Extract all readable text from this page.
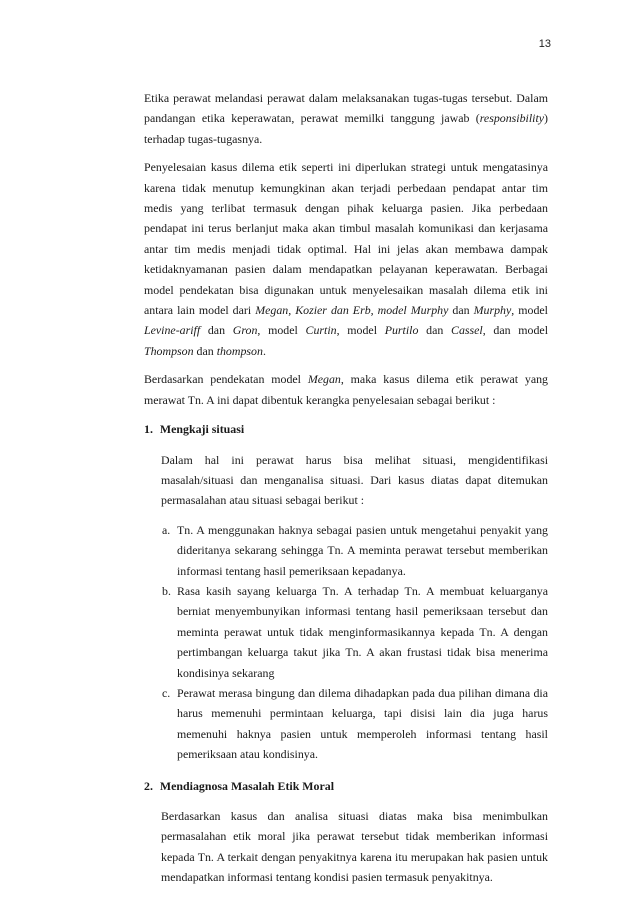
13

Etika perawat melandasi perawat dalam melaksanakan tugas-tugas tersebut. Dalam pandangan etika keperawatan, perawat memilki tanggung jawab (responsibility) terhadap tugas-tugasnya.

Penyelesaian kasus dilema etik seperti ini diperlukan strategi untuk mengatasinya karena tidak menutup kemungkinan akan terjadi perbedaan pendapat antar tim medis yang terlibat termasuk dengan pihak keluarga pasien. Jika perbedaan pendapat ini terus berlanjut maka akan timbul masalah komunikasi dan kerjasama antar tim medis menjadi tidak optimal. Hal ini jelas akan membawa dampak ketidaknyamanan pasien dalam mendapatkan pelayanan keperawatan. Berbagai model pendekatan bisa digunakan untuk menyelesaikan masalah dilema etik ini antara lain model dari Megan, Kozier dan Erb, model Murphy dan Murphy, model Levine-ariff dan Gron, model Curtin, model Purtilo dan Cassel, dan model Thompson dan thompson.

Berdasarkan pendekatan model Megan, maka kasus dilema etik perawat yang merawat Tn. A ini dapat dibentuk kerangka penyelesaian sebagai berikut :

1. Mengkaji situasi

Dalam hal ini perawat harus bisa melihat situasi, mengidentifikasi masalah/situasi dan menganalisa situasi. Dari kasus diatas dapat ditemukan permasalahan atau situasi sebagai berikut :

a. Tn. A menggunakan haknya sebagai pasien untuk mengetahui penyakit yang dideritanya sekarang sehingga Tn. A meminta perawat tersebut memberikan informasi tentang hasil pemeriksaan kepadanya.
b. Rasa kasih sayang keluarga Tn. A terhadap Tn. A membuat keluarganya berniat menyembunyikan informasi tentang hasil pemeriksaan tersebut dan meminta perawat untuk tidak menginformasikannya kepada Tn. A dengan pertimbangan keluarga takut jika Tn. A akan frustasi tidak bisa menerima kondisinya sekarang
c. Perawat merasa bingung dan dilema dihadapkan pada dua pilihan dimana dia harus memenuhi permintaan keluarga, tapi disisi lain dia juga harus memenuhi haknya pasien untuk memperoleh informasi tentang hasil pemeriksaan atau kondisinya.
2. Mendiagnosa Masalah Etik Moral

Berdasarkan kasus dan analisa situasi diatas maka bisa menimbulkan permasalahan etik moral jika perawat tersebut tidak memberikan informasi kepada Tn. A terkait dengan penyakitnya karena itu merupakan hak pasien untuk mendapatkan informasi tentang kondisi pasien termasuk penyakitnya.
